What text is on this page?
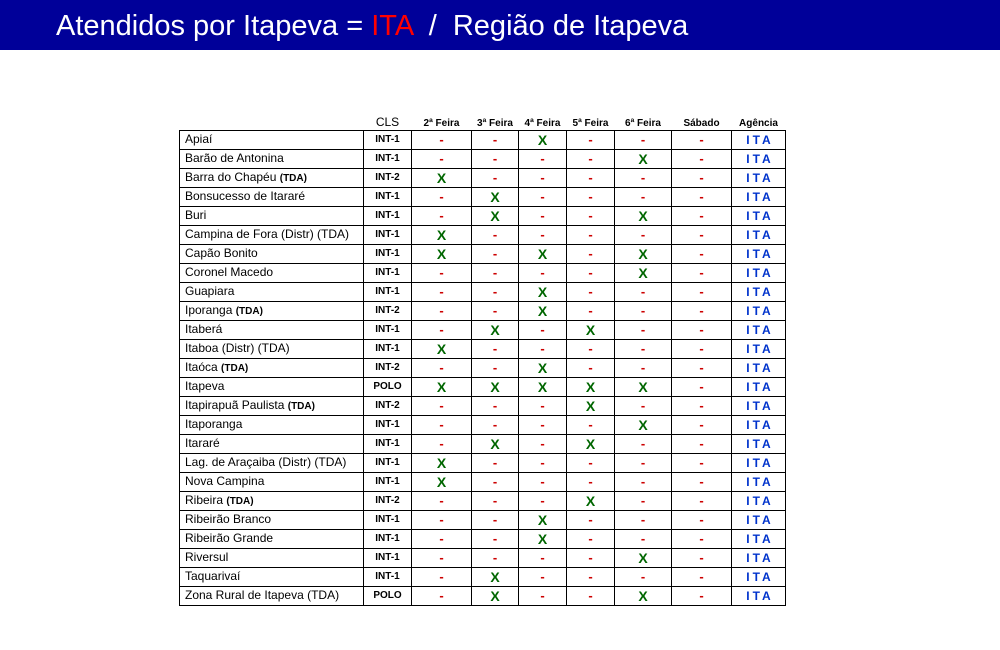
Atendidos por Itapeva = ITA  /  Região de Itapeva
	CLS	2ª Feira	3ª Feira	4ª Feira	5ª Feira	6ª Feira	Sábado	Agência
Apiaí	INT-1	-	-	X	-	-	-	ITA
Barão de Antonina	INT-1	-	-	-	-	X	-	ITA
Barra do Chapéu (TDA)	INT-2	X	-	-	-	-	-	ITA
Bonsucesso de Itararé	INT-1	-	X	-	-	-	-	ITA
Buri	INT-1	-	X	-	-	X	-	ITA
Campina de Fora (Distr) (TDA)	INT-1	X	-	-	-	-	-	ITA
Capão Bonito	INT-1	X	-	X	-	X	-	ITA
Coronel Macedo	INT-1	-	-	-	-	X	-	ITA
Guapiara	INT-1	-	-	X	-	-	-	ITA
Iporanga (TDA)	INT-2	-	-	X	-	-	-	ITA
Itaberá	INT-1	-	X	-	X	-	-	ITA
Itaboa (Distr) (TDA)	INT-1	X	-	-	-	-	-	ITA
Itaóca (TDA)	INT-2	-	-	X	-	-	-	ITA
Itapeva	POLO	X	X	X	X	X	-	ITA
Itapirapuã Paulista (TDA)	INT-2	-	-	-	X	-	-	ITA
Itaporanga	INT-1	-	-	-	-	X	-	ITA
Itararé	INT-1	-	X	-	X	-	-	ITA
Lag. de Araçaiba (Distr) (TDA)	INT-1	X	-	-	-	-	-	ITA
Nova Campina	INT-1	X	-	-	-	-	-	ITA
Ribeira (TDA)	INT-2	-	-	-	X	-	-	ITA
Ribeirão Branco	INT-1	-	-	X	-	-	-	ITA
Ribeirão Grande	INT-1	-	-	X	-	-	-	ITA
Riversul	INT-1	-	-	-	-	X	-	ITA
Taquarivaí	INT-1	-	X	-	-	-	-	ITA
Zona Rural de Itapeva (TDA)	POLO	-	X	-	-	X	-	ITA
